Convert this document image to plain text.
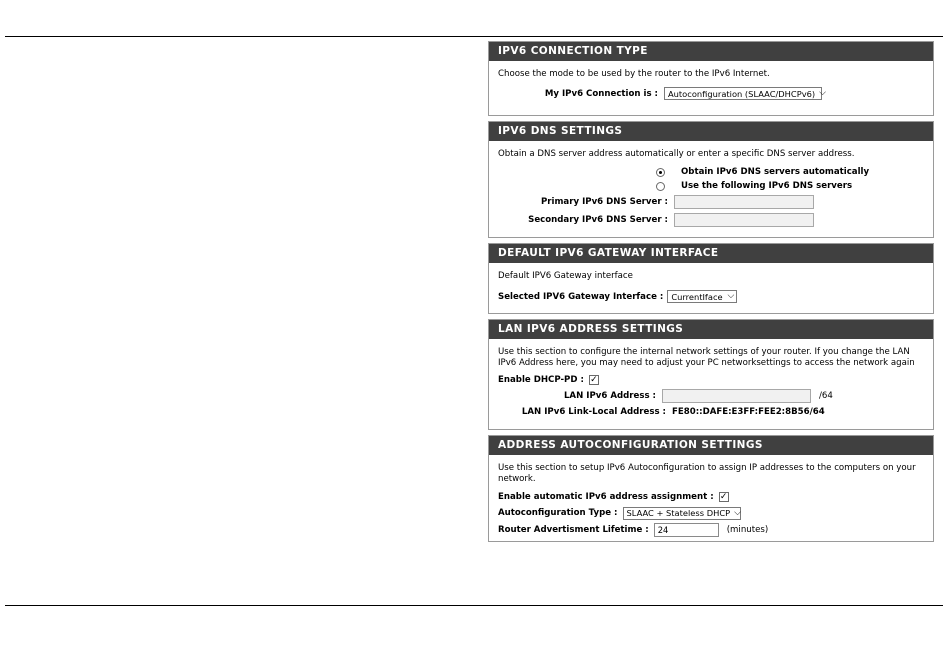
IPV6 CONNECTION TYPE
Choose the mode to be used by the router to the IPv6 Internet.
My IPv6 Connection is :	Autoconfiguration (SLAAC/DHCPv6) ⌵
IPV6 DNS SETTINGS
Obtain a DNS server address automatically or enter a specific DNS server address.
Obtain IPv6 DNS servers automatically
Use the following IPv6 DNS servers
Primary IPv6 DNS Server :
Secondary IPv6 DNS Server :
DEFAULT IPV6 GATEWAY INTERFACE
Default IPV6 Gateway interface
Selected IPV6 Gateway Interface : CurrentIface ⌵
LAN IPV6 ADDRESS SETTINGS
Use this section to configure the internal network settings of your router. If you change the LAN IPv6 Address here, you may need to adjust your PC networksettings to access the network again
Enable DHCP-PD : ✓
LAN IPv6 Address :	/64
LAN IPv6 Link-Local Address : FE80::DAFE:E3FF:FEE2:8B56/64
ADDRESS AUTOCONFIGURATION SETTINGS
Use this section to setup IPv6 Autoconfiguration to assign IP addresses to the computers on your network.
Enable automatic IPv6 address assignment : ✓
Autoconfiguration Type :	SLAAC + Stateless DHCP ⌵
Router Advertisment Lifetime :	24	(minutes)
